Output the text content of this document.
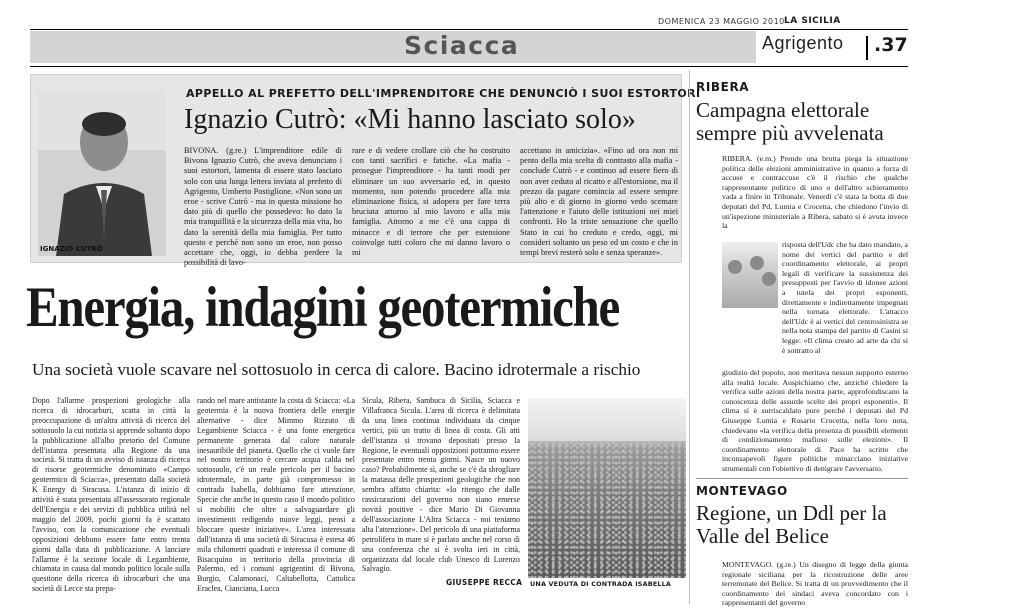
DOMENICA 23 MAGGIO 2010 LA SICILIA
Sciacca	Agrigento .37
IGNAZIO CUTRÒ
APPELLO AL PREFETTO DELL'IMPRENDITORE CHE DENUNCIÒ I SUOI ESTORTORI
Ignazio Cutrò: «Mi hanno lasciato solo»
BIVONA. (g.re.) L'imprenditore edile di Bivona Ignazio Cutrò, che aveva denunciato i suoi estortori, lamenta di essere stato lasciato solo con una lunga lettera inviata al prefetto di Agrigento, Umberto Postiglione. «Non sono un eroe - scrive Cutrò - ma in questa missione ho dato più di quello che possedevo: ho dato la mia tranquillità e la sicurezza della mia vita, ho dato la serenità della mia famiglia. Per tutto questo e perché non sono un eroe, non posso accettare che, oggi, io debba perdere la possibilità di lavo-
rare e di vedere crollare ciò che ho costruito con tanti sacrifici e fatiche. «La mafia - prosegue l'imprenditore - ha tanti modi per eliminare un suo avversario ed, in questo momento, non potendo procedere alla mia eliminazione fisica, si adopera per fare terra bruciata attorno al mio lavoro e alla mia famiglia. Attorno a me c'è una cappa di minacce e di terrore che per estensione coinvolge tutti coloro che mi danno lavoro o mi
accettano in amicizia». «Fino ad ora non mi pento della mia scelta di contrasto alla mafia - conclude Cutrò - e continuo ad essere fiero di non aver ceduto al ricatto e all'estorsione, ma il prezzo da pagare comincia ad essere sempre più alto e di giorno in giorno vedo scemare l'attenzione e l'aiuto delle istituzioni nei miei confronti. Ho la triste sensazione che quello Stato in cui ho creduto e credo, oggi, mi consideri soltanto un peso ed un costo e che in tempi brevi resterò solo e senza speranze».
Energia, indagini geotermiche
Una società vuole scavare nel sottosuolo in cerca di calore. Bacino idrotermale a rischio
Dopo l'allarme prospezioni geologiche alla ricerca di idrocarburi, scatta in città la preoccupazione di un'altra attività di ricerca del sottosuolo la cui notizia si apprende soltanto dopo la pubblicazione all'albo pretorio del Comune dell'istanza presentata alla Regione da una società. Si tratta di un avviso di istanza di ricerca di risorse geotermiche denominato «Campo geotermico di Sciacca», presentato dalla società K Energy di Siracusa. L'istanza di inizio di attività è stata presentata all'assessorato regionale dell'Energia e dei servizi di pubblica utilità nel maggio del 2009, pochi giorni fa è scattato l'avviso, con la comunicazione che eventuali opposizioni debbono essere fatte entro trenta giorni dalla data di pubblicazione. A lanciare l'allarme è la sezione locale di Legambiente, chiamata in causa dal mondo politico locale sulla questione della ricerca di idrocarburi che una società di Lecce sta prepa-
rando nel mare antistante la costa di Sciacca: «La geotermia è la nuova frontiera delle energie alternative - dice Mimmo Rizzuto di Legambiente Sciacca - è una fonte energetica permanente generata dal calore naturale inesauribile del pianeta. Quello che ci vuole fare nel nostro territorio è cercare acqua calda nel sottosuolo, c'è un reale pericolo per il bacino idrotermale, in parte già compromesso in contrada Isabella, dobbiamo fare attenzione. Specie che anche in questo caso il mondo politico si mobiliti che oltre a salvaguardare gli investimenti redigendo nuove leggi, pensi a bloccare queste iniziative». L'area interessata dall'istanza di una società di Siracusa è estesa 46 mila chilometri quadrati e interessa il comune di Bisacquino in territorio della provincia di Palermo, ed i comuni agrigentini di Bivona, Burgio, Calamonaci, Caltabellotta, Cattolica Eraclea, Cianciana, Lucca
Sicula, Ribera, Sambuca di Sicilia, Sciacca e Villafranca Sicula. L'area di ricerca è delimitata da una linea continua individuata da cinque vertici, più un tratto di linea di costa. Gli atti dell'istanza si trovano depositati presso la Regione, le eventuali opposizioni potranno essere presentate entro trenta giorni. Nasce un nuovo caso? Probabilmente sì, anche se c'è da sbrogliare la matassa delle prospezioni geologiche che non sembra affatto chiarita: «Io ritengo che dalle rassicurazioni del governo non siano emerse novità positive - dice Mario Di Giovanna dell'associazione L'Altra Sciacca - noi teniamo alta l'attenzione». Del pericolo di una piattaforma petrolifera in mare si è parlato anche nel corso di una conferenza che si è svolta ieri in città, organizzata dal locale club Unesco di Lorenzo Salvagio.
GIUSEPPE RECCA UNA VEDUTA DI CONTRADA ISABELLA
RIBERA
Campagna elettorale sempre più avvelenata
RIBERA. (e.m.) Prende una brutta piega la situazione politica delle elezioni amministrative in quanto a forza di accuse e contraccuse c'è il rischio che qualche rappresentante politico di uno o dell'altro schieramento vada a finire in Tribunale. Venerdì c'è stata la botta di due deputati del Pd, Lumia e Crocetta, che chiedono l'invio di un'ispezione ministeriale a Ribera, sabato si è avuta invece la
risposta dell'Udc che ha dato mandato, a nome dei vertici del partito e del coordinamento elettorale, ai propri legali di verificare la sussistenza dei presupposti per l'avvio di idonee azioni a tutela dei propri esponenti, direttamente e indirettamente impegnati nella tornata elettorale. L'attacco dell'Udc è ai vertici del centrosinistra se nella nota stampa del partito di Casini si legge: «Il clima creato ad arte da chi si è sottratto al
giudizio del popolo, non meritava nessun supporto esterno alla realtà locale. Auspichiamo che, anziché chiedere la verifica sulle azioni della nostra parte, approfondiscano la conoscenza delle assurde scelte dei propri esponenti». Il clima si è surriscaldato pure perché i deputati del Pd Giuseppe Lumia e Rosario Crocetta, nella loro nota, chiedevano «la verifica della presenza di possibili elementi di condizionamento mafioso sulle elezioni». Il coordinamento elettorale di Pace ha scritto che inconsapevoli figure politiche minacciano iniziative strumentali con l'obiettivo di denigrare l'avversario.
MONTEVAGO
Regione, un Ddl per la Valle del Belice
MONTEVAGO. (g.re.) Un disegno di legge della giunta regionale siciliana per la ricostruzione delle aree terremotate del Belice. Si tratta di un provvedimento che il coordinamento dei sindaci aveva concordato con i rappresentanti del governo
